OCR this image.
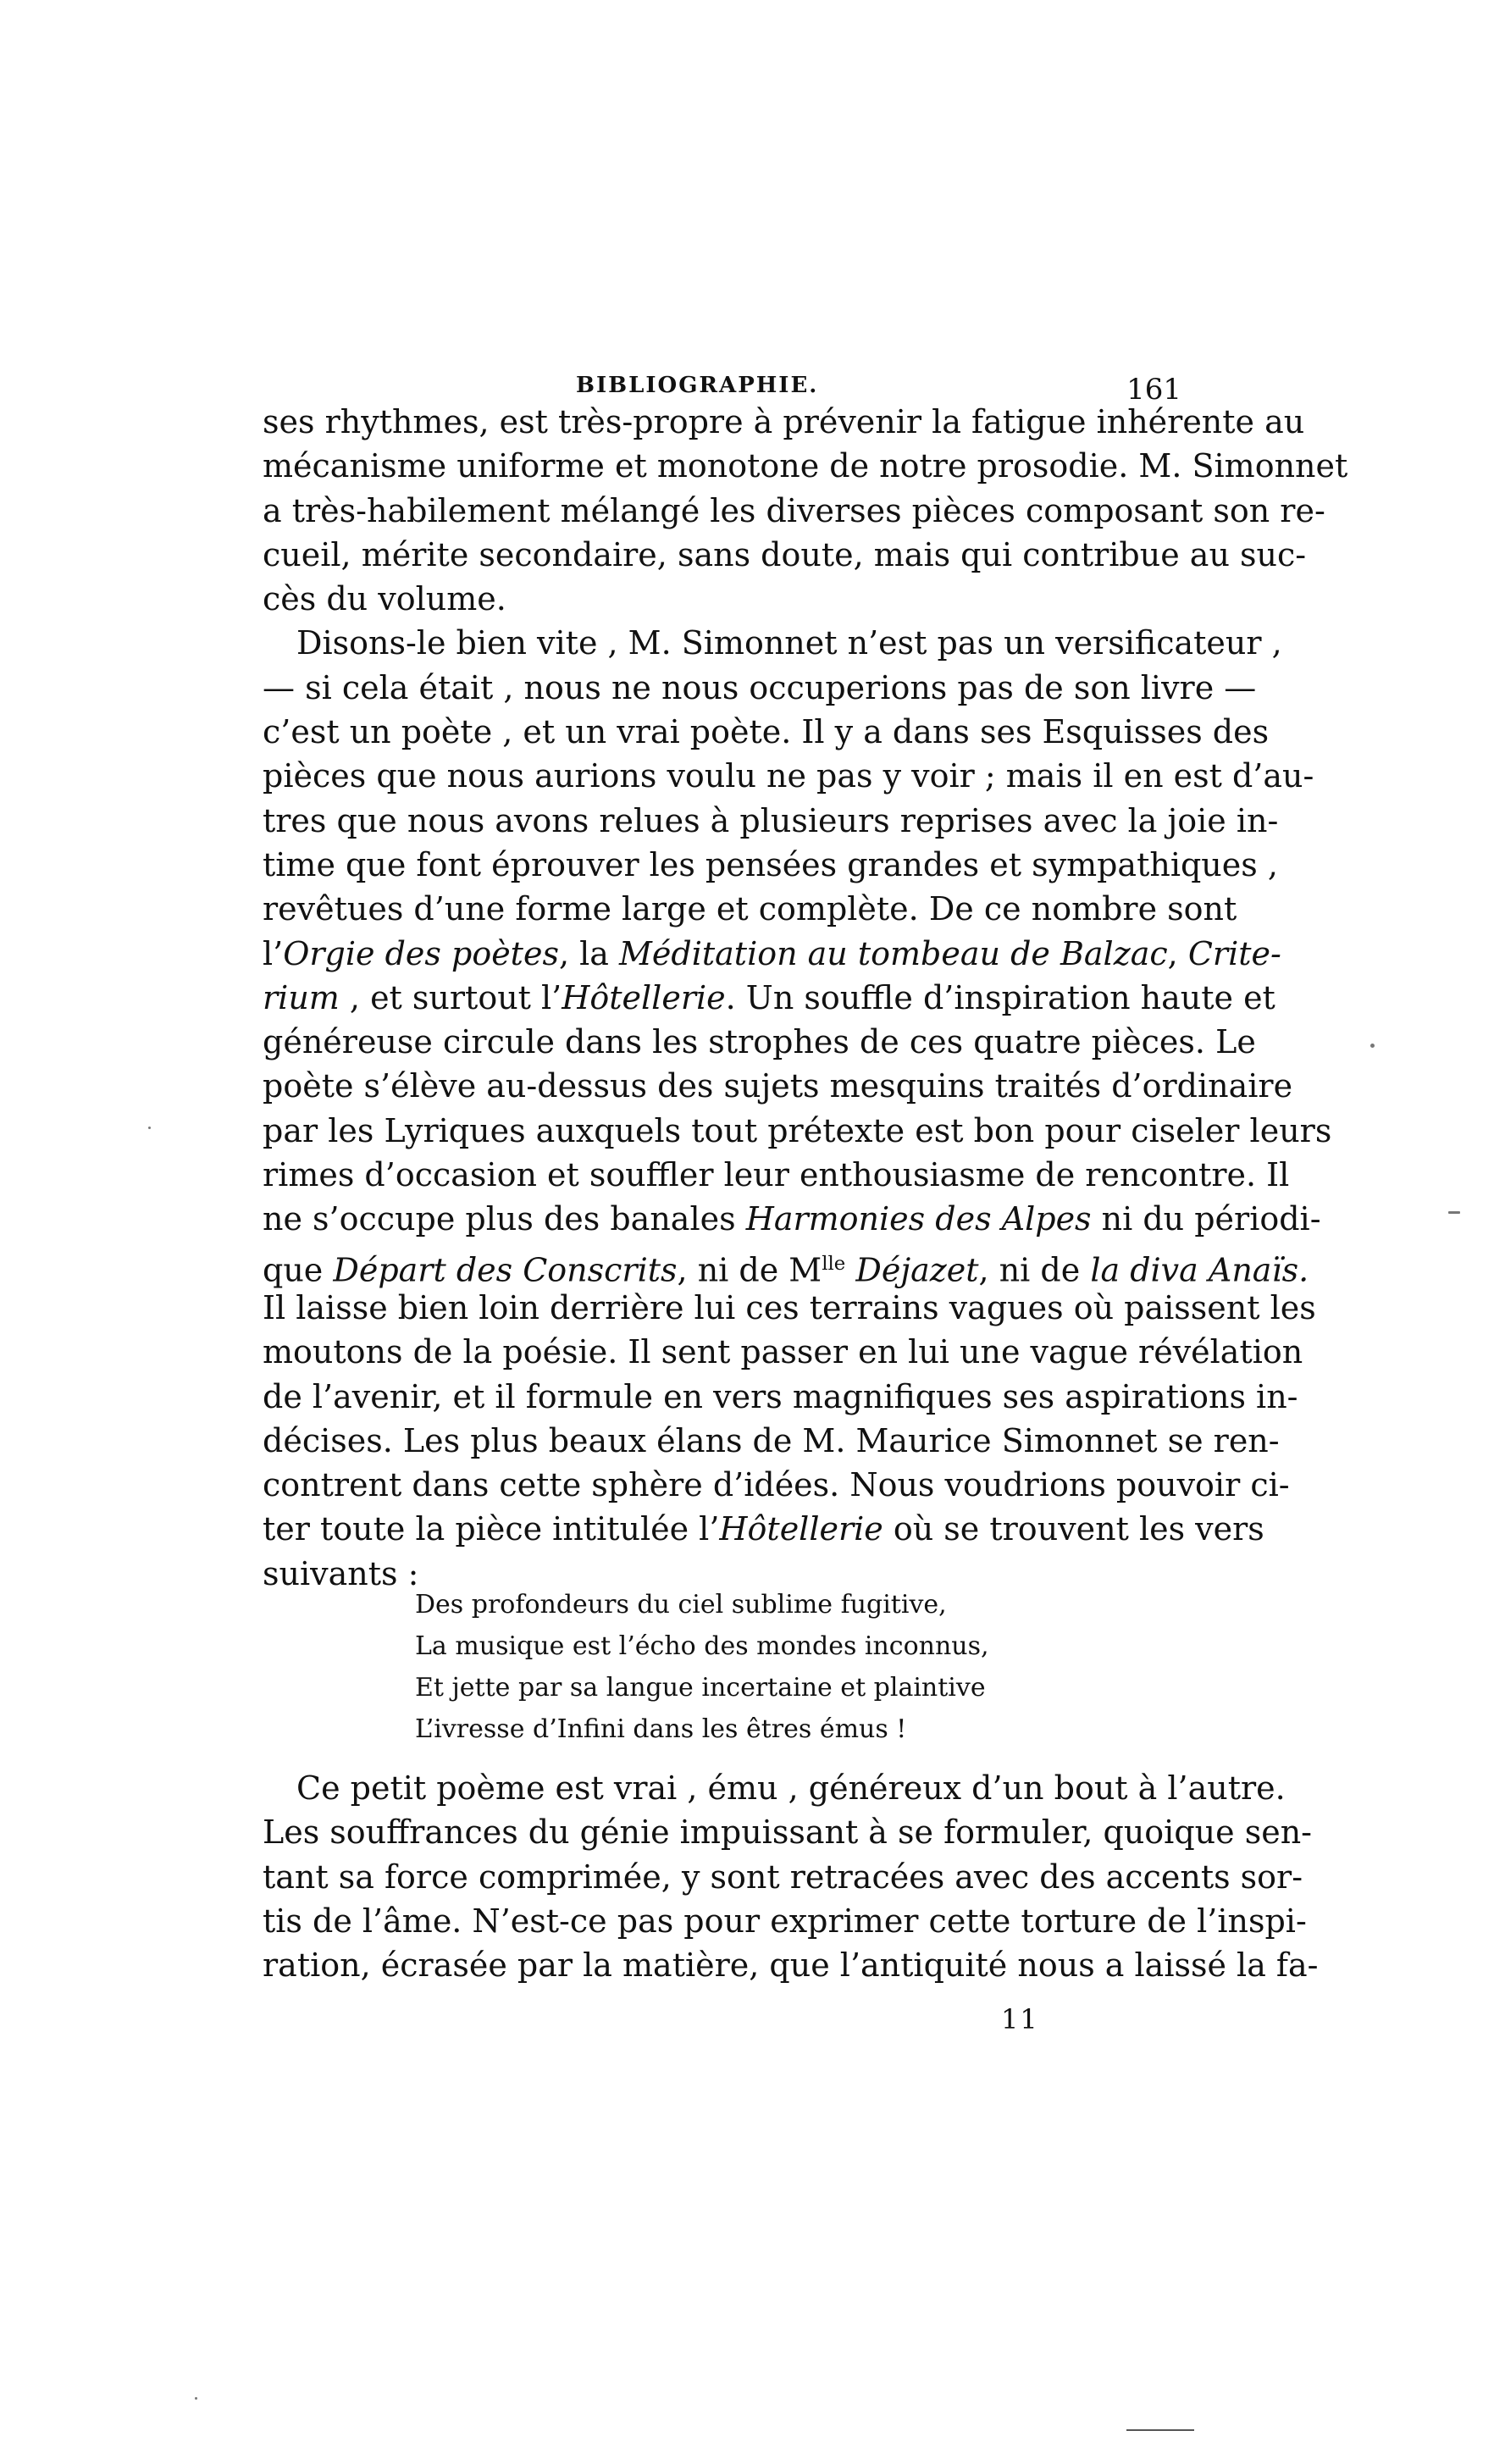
BIBLIOGRAPHIE.	161
ses rhythmes, est très-propre à prévenir la fatigue inhérente au
mécanisme uniforme et monotone de notre prosodie. M. Simonnet
a très-habilement mélangé les diverses pièces composant son re-
cueil, mérite secondaire, sans doute, mais qui contribue au suc-
cès du volume.
Disons-le bien vite , M. Simonnet n’est pas un versificateur ,
— si cela était , nous ne nous occuperions pas de son livre —
c’est un poète , et un vrai poète. Il y a dans ses Esquisses des
pièces que nous aurions voulu ne pas y voir ; mais il en est d’au-
tres que nous avons relues à plusieurs reprises avec la joie in-
time que font éprouver les pensées grandes et sympathiques ,
revêtues d’une forme large et complète. De ce nombre sont
l’Orgie des poètes, la Méditation au tombeau de Balzac, Crite-
rium , et surtout l’Hôtellerie. Un souffle d’inspiration haute et
généreuse circule dans les strophes de ces quatre pièces. Le
poète s’élève au-dessus des sujets mesquins traités d’ordinaire
par les Lyriques auxquels tout prétexte est bon pour ciseler leurs
rimes d’occasion et souffler leur enthousiasme de rencontre. Il
ne s’occupe plus des banales Harmonies des Alpes ni du périodi-
que Départ des Conscrits, ni de $M^{lle}$ Déjazet, ni de la diva Anaïs.
Il laisse bien loin derrière lui ces terrains vagues où paissent les
moutons de la poésie. Il sent passer en lui une vague révélation
de l’avenir, et il formule en vers magnifiques ses aspirations in-
décises. Les plus beaux élans de M. Maurice Simonnet se ren-
contrent dans cette sphère d’idées. Nous voudrions pouvoir ci-
ter toute la pièce intitulée l’Hôtellerie où se trouvent les vers
suivants :
Des profondeurs du ciel sublime fugitive,
La musique est l’écho des mondes inconnus,
Et jette par sa langue incertaine et plaintive
L’ivresse d’Infini dans les êtres émus !
Ce petit poème est vrai , ému , généreux d’un bout à l’autre.
Les souffrances du génie impuissant à se formuler, quoique sen-
tant sa force comprimée, y sont retracées avec des accents sor-
tis de l’âme. N’est-ce pas pour exprimer cette torture de l’inspi-
ration, écrasée par la matière, que l’antiquité nous a laissé la fa-
11
